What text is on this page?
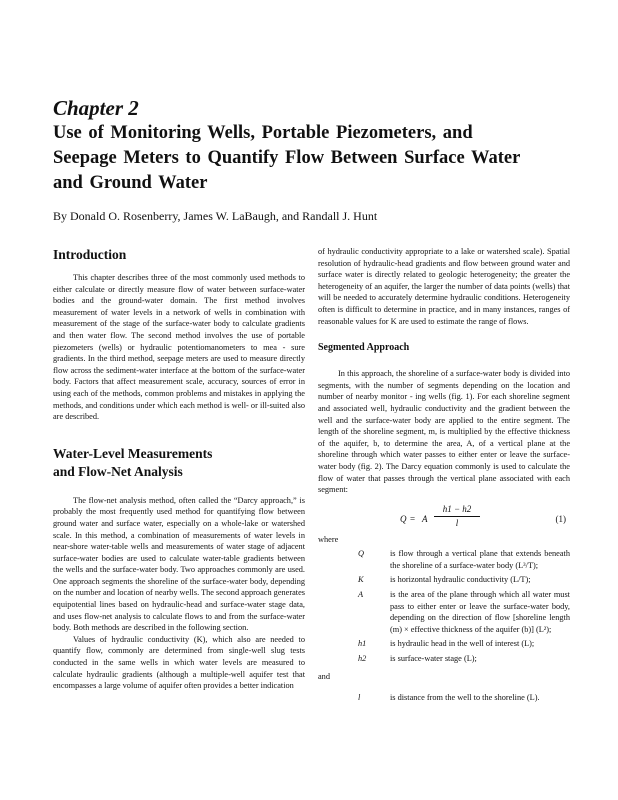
Chapter 2
Use of Monitoring Wells, Portable Piezometers, and Seepage Meters to Quantify Flow Between Surface Water and Ground Water
By Donald O. Rosenberry, James W. LaBaugh, and Randall J. Hunt
Introduction

This chapter describes three of the most commonly used methods to either calculate or directly measure flow of water between surface-water bodies and the ground-water domain. The first method involves measurement of water levels in a network of wells in combination with measurement of the stage of the surface-water body to calculate gradients and then water flow. The second method involves the use of portable piezometers (wells) or hydraulic potentiomanometers to mea - sure gradients. In the third method, seepage meters are used to measure directly flow across the sediment-water interface at the bottom of the surface-water body. Factors that affect measurement scale, accuracy, sources of error in using each of the methods, common problems and mistakes in applying the methods, and conditions under which each method is well- or ill-suited also are described.

Water-Level Measurements
and Flow-Net Analysis

The flow-net analysis method, often called the “Darcy approach,” is probably the most frequently used method for quantifying flow between ground water and surface water, especially on a whole-lake or watershed scale. In this method, a combination of measurements of water levels in near-shore water-table wells and measurements of water stage of adjacent surface-water bodies are used to calculate water-table gradients between the wells and the surface-water body. Two approaches commonly are used. One approach segments the shoreline of the surface-water body, depending on the number and location of nearby wells. The second approach generates equipotential lines based on hydraulic-head and surface-water stage data, and uses flow-net analysis to calculate flows to and from the surface-water body. Both methods are described in the following section.

Values of hydraulic conductivity (K), which also are needed to quantify flow, commonly are determined from single-well slug tests conducted in the same wells in which water levels are measured to calculate hydraulic gradients (although a multiple-well aquifer test that encompasses a large volume of aquifer often provides a better indication

of hydraulic conductivity appropriate to a lake or watershed scale). Spatial resolution of hydraulic-head gradients and flow between ground water and surface water is directly related to geologic heterogeneity; the greater the heterogeneity of an aquifer, the larger the number of data points (wells) that will be needed to accurately determine hydraulic conditions. Heterogeneity often is difficult to determine in practice, and in many instances, ranges of reasonable values for K are used to estimate the range of flows.

Segmented Approach

In this approach, the shoreline of a surface-water body is divided into segments, with the number of segments depending on the location and number of nearby monitor - ing wells (fig. 1). For each shoreline segment and associated well, hydraulic conductivity and the gradient between the well and the surface-water body are applied to the entire segment. The length of the shoreline segment, m, is multiplied by the effective thickness of the aquifer, b, to determine the area, A, of a vertical plane at the shoreline through which water passes to either enter or leave the surface-water body (fig. 2). The Darcy equation commonly is used to calculate the flow of water that passes through the vertical plane associated with each segment:

Q = A $\frac{h1 - h2}{l}$	(1)
where
Q	is flow through a vertical plane that extends beneath the shoreline of a surface-water body (L³/T);
K	is horizontal hydraulic conductivity (L/T);
A	is the area of the plane through which all water must pass to either enter or leave the surface-water body, depending on the direction of flow [shoreline length (m) × effective thickness of the aquifer (b)] (L²);
h1	is hydraulic head in the well of interest (L);
h2	is surface-water stage (L);
and
l	is distance from the well to the shoreline (L).
